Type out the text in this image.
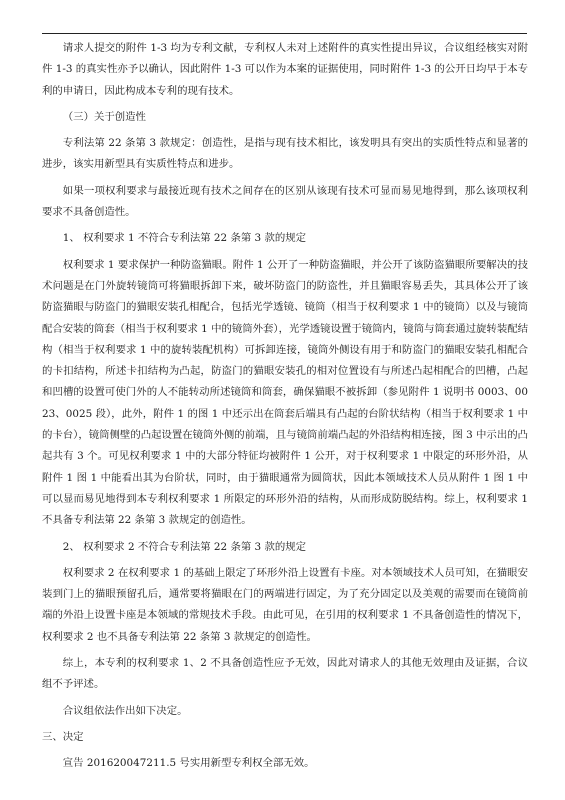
请求人提交的附件 1-3 均为专利文献，专利权人未对上述附件的真实性提出异议，合议组经核实对附件 1-3 的真实性亦予以确认，因此附件 1-3 可以作为本案的证据使用，同时附件 1-3 的公开日均早于本专利的申请日，因此构成本专利的现有技术。

（三）关于创造性

专利法第 22 条第 3 款规定：创造性，是指与现有技术相比，该发明具有突出的实质性特点和显著的进步，该实用新型具有实质性特点和进步。

如果一项权利要求与最接近现有技术之间存在的区别从该现有技术可显而易见地得到，那么该项权利要求不具备创造性。

1、 权利要求 1 不符合专利法第 22 条第 3 款的规定

权利要求 1 要求保护一种防盗猫眼。附件 1 公开了一种防盗猫眼，并公开了该防盗猫眼所要解决的技术问题是在门外旋转镜筒可将猫眼拆卸下来，破坏防盗门的防盗性，并且猫眼容易丢失，其具体公开了该防盗猫眼与防盗门的猫眼安装孔相配合，包括光学透镜、镜筒（相当于权利要求 1 中的镜筒）以及与镜筒配合安装的筒套（相当于权利要求 1 中的镜筒外套），光学透镜设置于镜筒内，镜筒与筒套通过旋转装配结构（相当于权利要求 1 中的旋转装配机构）可拆卸连接，镜筒外侧设有用于和防盗门的猫眼安装孔相配合的卡扣结构，所述卡扣结构为凸起，防盗门的猫眼安装孔的相对位置设有与所述凸起相配合的凹槽，凸起和凹槽的设置可使门外的人不能转动所述镜筒和筒套，确保猫眼不被拆卸（参见附件 1 说明书 0003、0023、0025 段），此外，附件 1 的图 1 中还示出在筒套后端具有凸起的台阶状结构（相当于权利要求 1 中的卡台），镜筒侧壁的凸起设置在镜筒外侧的前端，且与镜筒前端凸起的外沿结构相连接，图 3 中示出的凸起共有 3 个。可见权利要求 1 中的大部分特征均被附件 1 公开，对于权利要求 1 中限定的环形外沿，从附件 1 图 1 中能看出其为台阶状，同时，由于猫眼通常为圆筒状，因此本领域技术人员从附件 1 图 1 中可以显而易见地得到本专利权利要求 1 所限定的环形外沿的结构，从而形成防脱结构。综上，权利要求 1 不具备专利法第 22 条第 3 款规定的创造性。

2、 权利要求 2 不符合专利法第 22 条第 3 款的规定

权利要求 2 在权利要求 1 的基础上限定了环形外沿上设置有卡座。对本领域技术人员可知，在猫眼安装到门上的猫眼预留孔后，通常要将猫眼在门的两端进行固定，为了充分固定以及美观的需要而在镜筒前端的外沿上设置卡座是本领域的常规技术手段。由此可见，在引用的权利要求 1 不具备创造性的情况下，权利要求 2 也不具备专利法第 22 条第 3 款规定的创造性。

综上，本专利的权利要求 1、2 不具备创造性应予无效，因此对请求人的其他无效理由及证据，合议组不予评述。

合议组依法作出如下决定。

三、决定

宣告 201620047211.5 号实用新型专利权全部无效。
